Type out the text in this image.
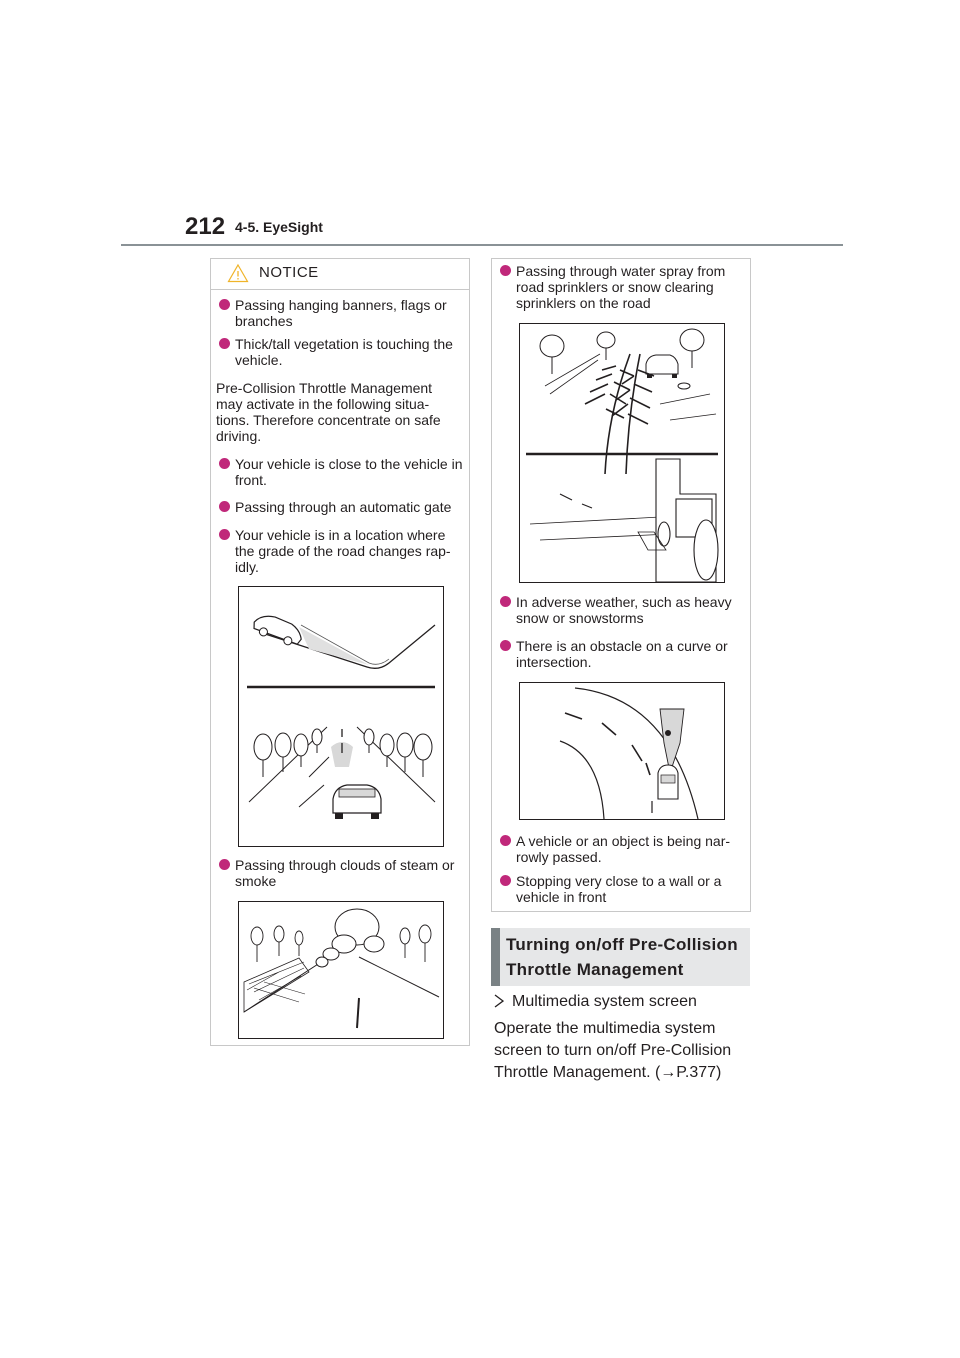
212 4-5. EyeSight
NOTICE
Passing hanging banners, flags or branches
Thick/tall vegetation is touching the vehicle.

Pre-Collision Throttle Management may activate in the following situa-tions. Therefore concentrate on safe driving.

Your vehicle is close to the vehicle in front.
Passing through an automatic gate
Your vehicle is in a location where the grade of the road changes rap-idly.
Passing through clouds of steam or smoke
Passing through water spray from road sprinklers or snow clearing sprinklers on the road
In adverse weather, such as heavy snow or snowstorms
There is an obstacle on a curve or intersection.
A vehicle or an object is being nar-rowly passed.
Stopping very close to a wall or a vehicle in front
Turning on/off Pre-Collision Throttle Management
Multimedia system screen

Operate the multimedia system screen to turn on/off Pre-Collision Throttle Management. (→P.377)
